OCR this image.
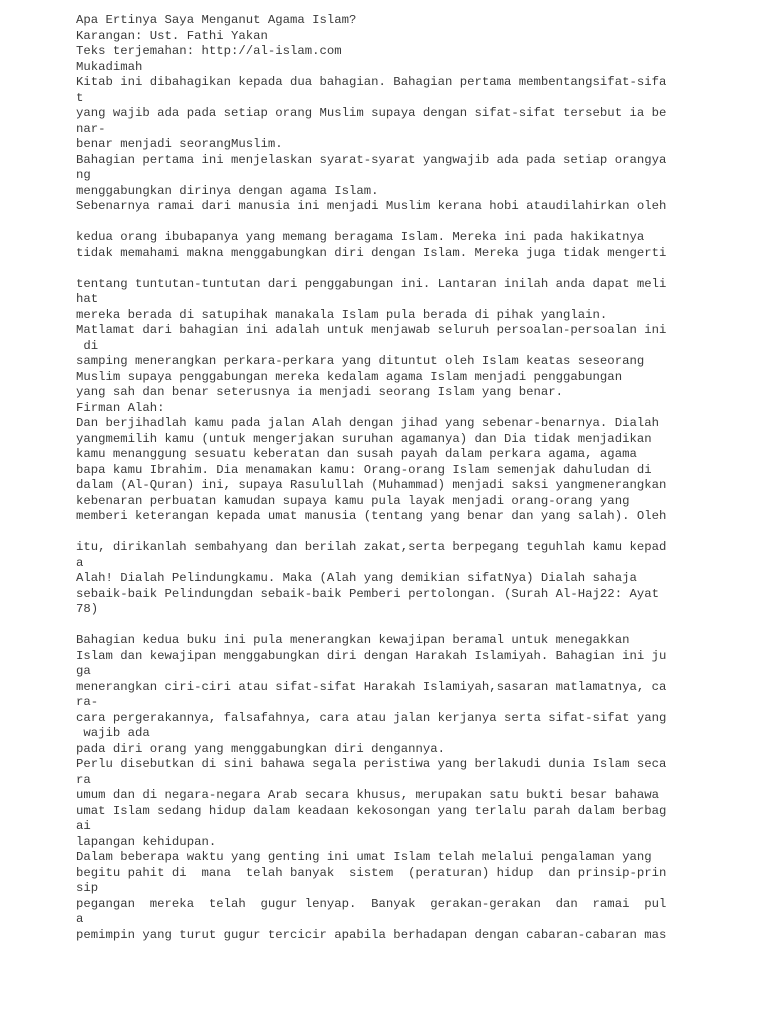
Apa Ertinya Saya Menganut Agama Islam?
Karangan: Ust. Fathi Yakan
Teks terjemahan: http://al-islam.com
Mukadimah
Kitab ini dibahagikan kepada dua bahagian. Bahagian pertama membentangsifat-sifa
t
yang wajib ada pada setiap orang Muslim supaya dengan sifat-sifat tersebut ia be
nar-
benar menjadi seorangMuslim.
Bahagian pertama ini menjelaskan syarat-syarat yangwajib ada pada setiap orangya
ng
menggabungkan dirinya dengan agama Islam.
Sebenarnya ramai dari manusia ini menjadi Muslim kerana hobi ataudilahirkan oleh
kedua orang ibubapanya yang memang beragama Islam. Mereka ini pada hakikatnya
tidak memahami makna menggabungkan diri dengan Islam. Mereka juga tidak mengerti
tentang tuntutan-tuntutan dari penggabungan ini. Lantaran inilah anda dapat meli
hat
mereka berada di satupihak manakala Islam pula berada di pihak yanglain.
Matlamat dari bahagian ini adalah untuk menjawab seluruh persoalan-persoalan ini
di
samping menerangkan perkara-perkara yang dituntut oleh Islam keatas seseorang
Muslim supaya penggabungan mereka kedalam agama Islam menjadi penggabungan
yang sah dan benar seterusnya ia menjadi seorang Islam yang benar.
Firman Alah:
Dan berjihadlah kamu pada jalan Alah dengan jihad yang sebenar-benarnya. Dialah
yangmemilih kamu (untuk mengerjakan suruhan agamanya) dan Dia tidak menjadikan
kamu menanggung sesuatu keberatan dan susah payah dalam perkara agama, agama
bapa kamu Ibrahim. Dia menamakan kamu: Orang-orang Islam semenjak dahuludan di
dalam (Al-Quran) ini, supaya Rasulullah (Muhammad) menjadi saksi yangmenerangkan
kebenaran perbuatan kamudan supaya kamu pula layak menjadi orang-orang yang
memberi keterangan kepada umat manusia (tentang yang benar dan yang salah). Oleh
itu, dirikanlah sembahyang dan berilah zakat,serta berpegang teguhlah kamu kepad
a
Alah! Dialah Pelindungkamu. Maka (Alah yang demikian sifatNya) Dialah sahaja
sebaik-baik Pelindungdan sebaik-baik Pemberi pertolongan. (Surah Al-Haj22: Ayat
78)
Bahagian kedua buku ini pula menerangkan kewajipan beramal untuk menegakkan
Islam dan kewajipan menggabungkan diri dengan Harakah Islamiyah. Bahagian ini ju
ga
menerangkan ciri-ciri atau sifat-sifat Harakah Islamiyah,sasaran matlamatnya, ca
ra-
cara pergerakannya, falsafahnya, cara atau jalan kerjanya serta sifat-sifat yang
wajib ada
pada diri orang yang menggabungkan diri dengannya.
Perlu disebutkan di sini bahawa segala peristiwa yang berlakudi dunia Islam seca
ra
umum dan di negara-negara Arab secara khusus, merupakan satu bukti besar bahawa
umat Islam sedang hidup dalam keadaan kekosongan yang terlalu parah dalam berbag
ai
lapangan kehidupan.
Dalam beberapa waktu yang genting ini umat Islam telah melalui pengalaman yang
begitu pahit di  mana  telah banyak  sistem  (peraturan) hidup  dan prinsip-prin
sip
pegangan  mereka  telah  gugur lenyap.  Banyak  gerakan-gerakan  dan  ramai  pul
a
pemimpin yang turut gugur tercicir apabila berhadapan dengan cabaran-cabaran mas
